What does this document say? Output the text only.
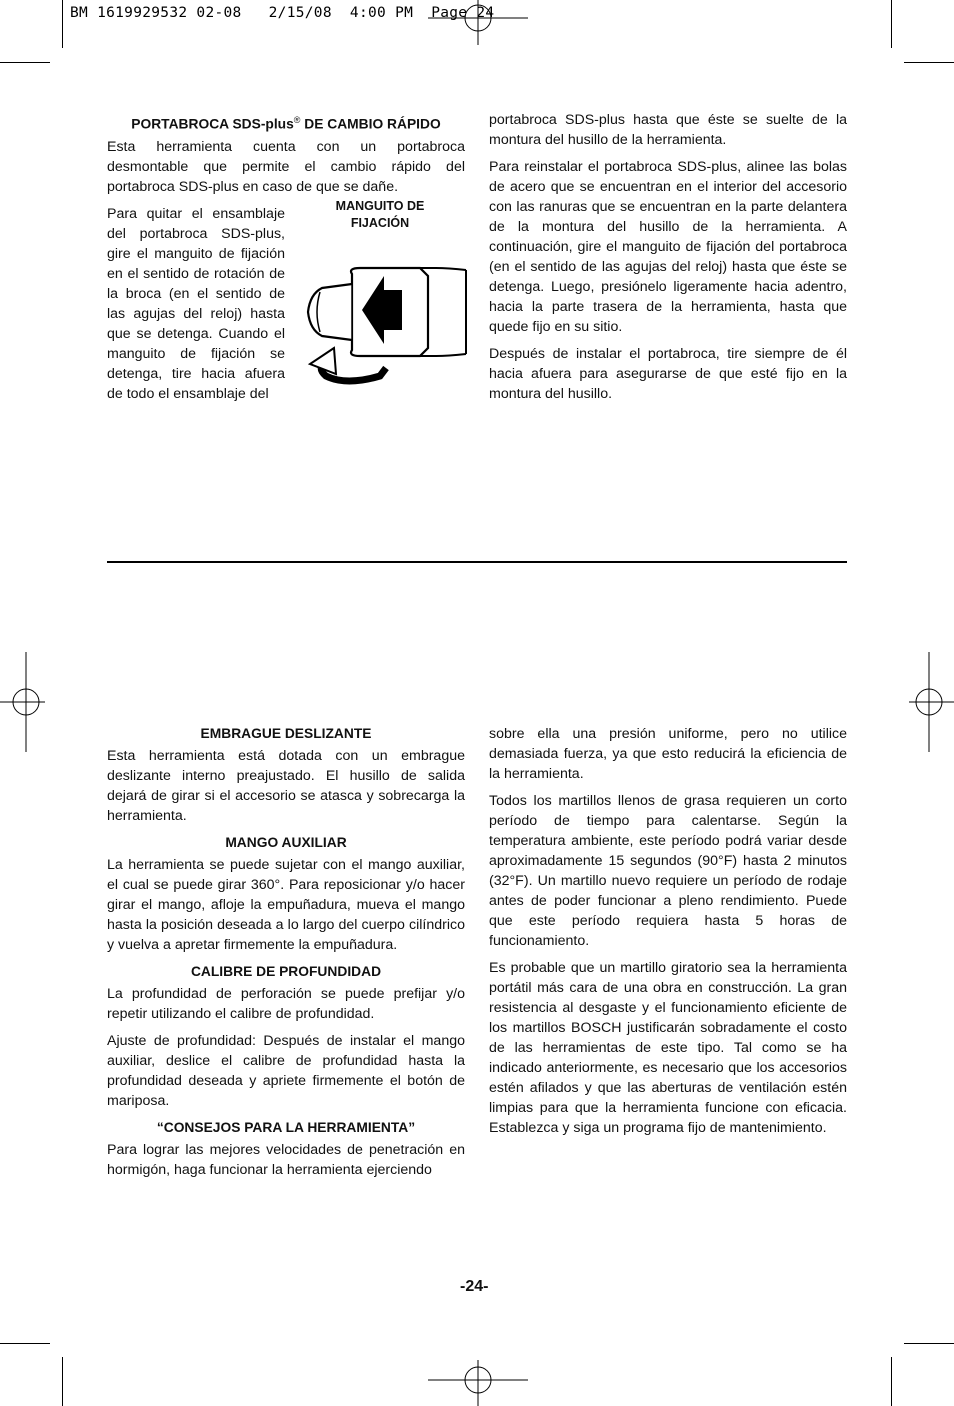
BM 1619929532 02-08   2/15/08  4:00 PM  Page 24
PORTABROCA SDS-plus® DE CAMBIO RÁPIDO

Esta herramienta cuenta con un portabroca desmontable que permite el cambio rápido del portabroca SDS-plus en caso de que se dañe.

Para quitar el ensamblaje del portabroca SDS-plus, gire el manguito de fijación en el sentido de rotación de la broca (en el sentido de las agujas del reloj) hasta que se detenga. Cuando el manguito de fijación se detenga, tire hacia afuera de todo el ensamblaje del

MANGUITO DE
FIJACIÓN

portabroca SDS-plus hasta que éste se suelte de la montura del husillo de la herramienta.

Para reinstalar el portabroca SDS-plus, alinee las bolas de acero que se encuentran en el interior del accesorio con las ranuras que se encuentran en la parte delantera de la montura del husillo de la herramienta. A continuación, gire el manguito de fijación del portabroca (en el sentido de las agujas del reloj) hasta que éste se detenga. Luego, presiónelo ligeramente hacia adentro, hacia la parte trasera de la herramienta, hasta que quede fijo en su sitio.

Después de instalar el portabroca, tire siempre de él hacia afuera para asegurarse de que esté fijo en la montura del husillo.

EMBRAGUE DESLIZANTE

Esta herramienta está dotada con un embrague deslizante interno preajustado. El husillo de salida dejará de girar si el accesorio se atasca y sobrecarga la herramienta.

MANGO AUXILIAR

La herramienta se puede sujetar con el mango auxiliar, el cual se puede girar 360°. Para reposicionar y/o hacer girar el mango, afloje la empuñadura, mueva el mango hasta la posición deseada a lo largo del cuerpo cilíndrico y vuelva a apretar firmemente la empuñadura.

CALIBRE DE PROFUNDIDAD

La profundidad de perforación se puede prefijar y/o repetir utilizando el calibre de profundidad.

Ajuste de profundidad: Después de instalar el mango auxiliar, deslice el calibre de profundidad hasta la profundidad deseada y apriete firmemente el botón de mariposa.

“CONSEJOS PARA LA HERRAMIENTA”

Para lograr las mejores velocidades de penetración en hormigón, haga funcionar la herramienta ejerciendo

sobre ella una presión uniforme, pero no utilice demasiada fuerza, ya que esto reducirá la eficiencia de la herramienta.

Todos los martillos llenos de grasa requieren un corto período de tiempo para calentarse. Según la temperatura ambiente, este período podrá variar desde aproximadamente 15 segundos (90°F) hasta 2 minutos (32°F). Un martillo nuevo requiere un período de rodaje antes de poder funcionar a pleno rendimiento. Puede que este período requiera hasta 5 horas de funcionamiento.

Es probable que un martillo giratorio sea la herramienta portátil más cara de una obra en construcción. La gran resistencia al desgaste y el funcionamiento eficiente de los martillos BOSCH justificarán sobradamente el costo de las herramientas de este tipo. Tal como se ha indicado anteriormente, es necesario que los accesorios estén afilados y que las aberturas de ventilación estén limpias para que la herramienta funcione con eficacia. Establezca y siga un programa fijo de mantenimiento.

-24-
